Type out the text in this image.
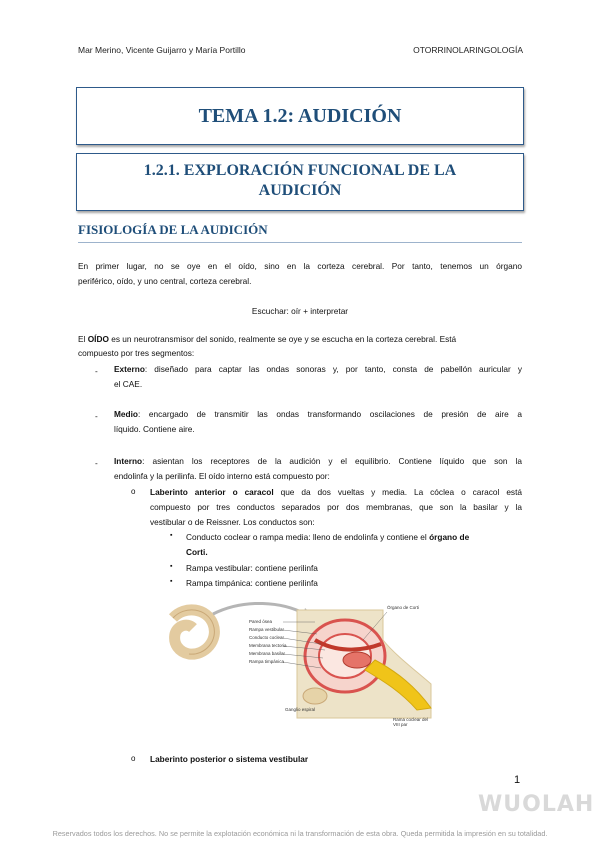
Mar Merino, Vicente Guijarro y María Portillo	OTORRINOLARINGOLOGÍA
TEMA 1.2: AUDICIÓN
1.2.1. EXPLORACIÓN FUNCIONAL DE LA
AUDICIÓN
FISIOLOGÍA DE LA AUDICIÓN
En primer lugar, no se oye en el oído, sino en la corteza cerebral. Por tanto, tenemos un órgano
periférico, oído, y uno central, corteza cerebral.
Escuchar: oír + interpretar
El OÍDO es un neurotransmisor del sonido, realmente se oye y se escucha en la corteza cerebral. Está
compuesto por tres segmentos:
- Externo: diseñado para captar las ondas sonoras y, por tanto, consta de pabellón auricular y
el CAE.
- Medio: encargado de transmitir las ondas transformando oscilaciones de presión de aire a
líquido. Contiene aire.
- Interno: asientan los receptores de la audición y el equilibrio. Contiene líquido que son la
endolinfa y la perilinfa. El oído interno está compuesto por:
o Laberinto anterior o caracol que da dos vueltas y media. La cóclea o caracol está
compuesto por tres conductos separados por dos membranas, que son la basilar y la
vestibular o de Reissner. Los conductos son:
▪ Conducto coclear o rampa media: lleno de endolinfa y contiene el órgano de
Corti.
▪ Rampa vestibular: contiene perilinfa
▪ Rampa timpánica: contiene perilinfa
Pared ósea
Rampa vestibular
Conducto coclear
Membrana tectoria
Membrana basilar
Rampa timpánica
Órgano de Corti
Ganglio espiral
Rama coclear del
VIII par
o Laberinto posterior o sistema vestibular
1
WUOLAH
Reservados todos los derechos. No se permite la explotación económica ni la transformación de esta obra. Queda permitida la impresión en su totalidad.
